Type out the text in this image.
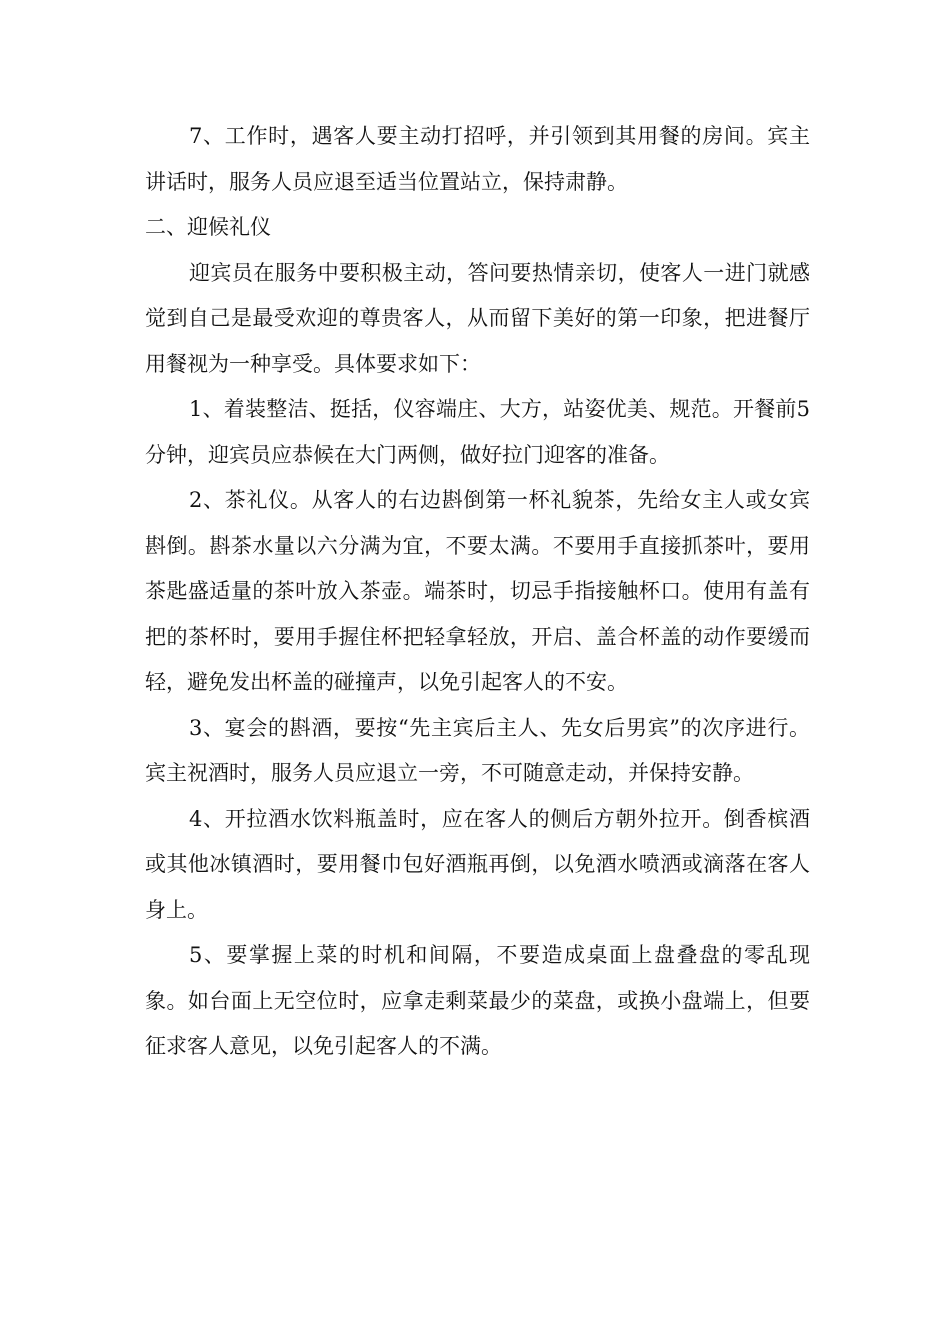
7、工作时，遇客人要主动打招呼，并引领到其用餐的房间。宾主讲话时，服务人员应退至适当位置站立，保持肃静。

二、迎候礼仪

迎宾员在服务中要积极主动，答问要热情亲切，使客人一进门就感觉到自己是最受欢迎的尊贵客人，从而留下美好的第一印象，把进餐厅用餐视为一种享受。具体要求如下：

1、着装整洁、挺括，仪容端庄、大方，站姿优美、规范。开餐前5分钟，迎宾员应恭候在大门两侧，做好拉门迎客的准备。

2、茶礼仪。从客人的右边斟倒第一杯礼貌茶，先给女主人或女宾斟倒。斟茶水量以六分满为宜，不要太满。不要用手直接抓茶叶，要用茶匙盛适量的茶叶放入茶壶。端茶时，切忌手指接触杯口。使用有盖有把的茶杯时，要用手握住杯把轻拿轻放，开启、盖合杯盖的动作要缓而轻，避免发出杯盖的碰撞声，以免引起客人的不安。

3、宴会的斟酒，要按“先主宾后主人、先女后男宾”的次序进行。宾主祝酒时，服务人员应退立一旁，不可随意走动，并保持安静。

4、开拉酒水饮料瓶盖时，应在客人的侧后方朝外拉开。倒香槟酒或其他冰镇酒时，要用餐巾包好酒瓶再倒，以免酒水喷洒或滴落在客人身上。

5、要掌握上菜的时机和间隔，不要造成桌面上盘叠盘的零乱现象。如台面上无空位时，应拿走剩菜最少的菜盘，或换小盘端上，但要征求客人意见，以免引起客人的不满。
